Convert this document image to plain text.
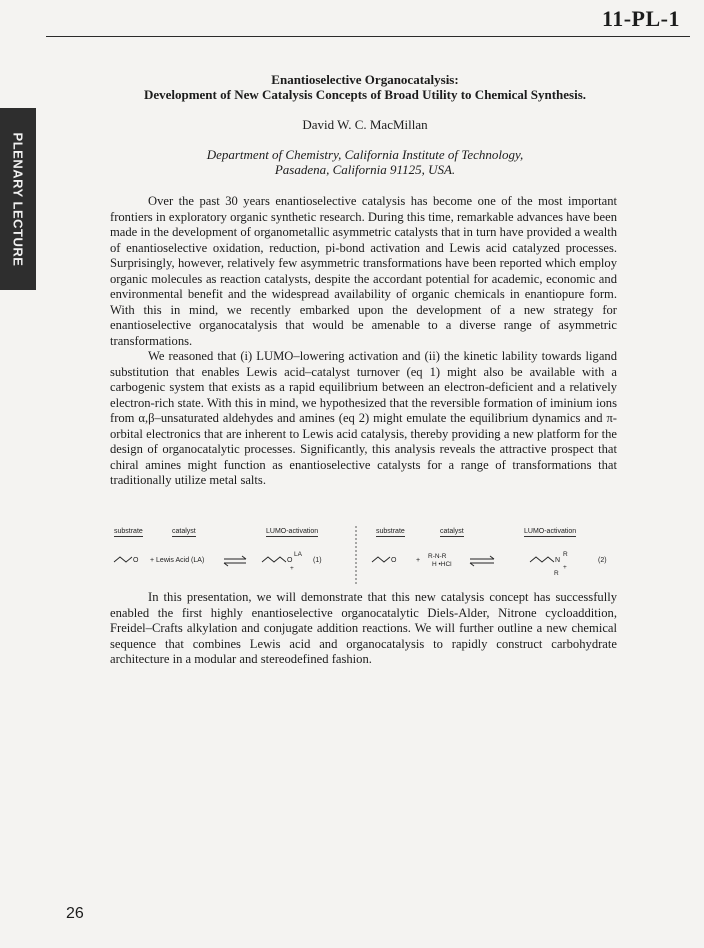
11-PL-1
PLENARY LECTURE
Enantioselective Organocatalysis:
Development of New Catalysis Concepts of Broad Utility to Chemical Synthesis.
David W. C. MacMillan
Department of Chemistry, California Institute of Technology,
Pasadena, California 91125, USA.

Over the past 30 years enantioselective catalysis has become one of the most important frontiers in exploratory organic synthetic research. During this time, remarkable advances have been made in the development of organometallic asymmetric catalysts that in turn have provided a wealth of enantioselective oxidation, reduction, pi-bond activation and Lewis acid catalyzed processes. Surprisingly, however, relatively few asymmetric transformations have been reported which employ organic molecules as reaction catalysts, despite the accordant potential for academic, economic and environmental benefit and the widespread availability of organic chemicals in enantiopure form. With this in mind, we recently embarked upon the development of a new strategy for enantioselective organocatalysis that would be amenable to a diverse range of asymmetric transformations.

We reasoned that (i) LUMO–lowering activation and (ii) the kinetic lability towards ligand substitution that enables Lewis acid–catalyst turnover (eq 1) might also be available with a carbogenic system that exists as a rapid equilibrium between an electron-deficient and a relatively electron-rich state. With this in mind, we hypothesized that the reversible formation of iminium ions from α,β–unsaturated aldehydes and amines (eq 2) might emulate the equilibrium dynamics and π-orbital electronics that are inherent to Lewis acid catalysis, thereby providing a new platform for the design of organocatalytic processes. Significantly, this analysis reveals the attractive prospect that chiral amines might function as enantioselective catalysts for a range of transformations that traditionally utilize metal salts.

substrate	catalyst	LUMO-activation
O + Lewis Acid (LA)	O
LA
+
(1)
substrate	catalyst	LUMO-activation
O	+
R-N-R
H •HCl
N
R
+
R
(2)

In this presentation, we will demonstrate that this new catalysis concept has successfully enabled the first highly enantioselective organocatalytic Diels-Alder, Nitrone cycloaddition, Freidel–Crafts alkylation and conjugate addition reactions. We will further outline a new chemical sequence that combines Lewis acid and organocatalysis to rapidly construct carbohydrate architecture in a modular and stereodefined fashion.

26
